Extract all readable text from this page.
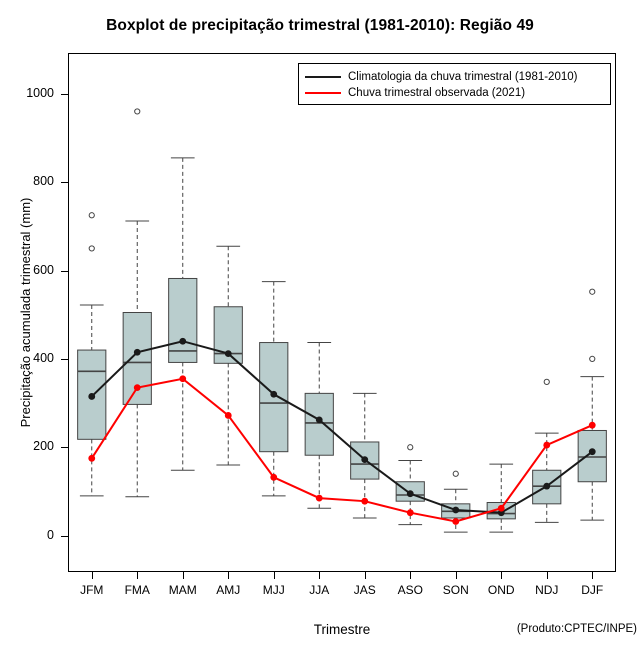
Boxplot de precipitação trimestral (1981-2010): Região 49
Precipitação acumulada trimestral (mm)
Trimestre	(Produto:CPTEC/INPE)
0
200
400
600
800
1000
JFM	FMA	MAM	AMJ	MJJ	JJA	JAS	ASO	SON	OND	NDJ	DJF
Climatologia da chuva trimestral (1981-2010)
Chuva trimestral observada (2021)
